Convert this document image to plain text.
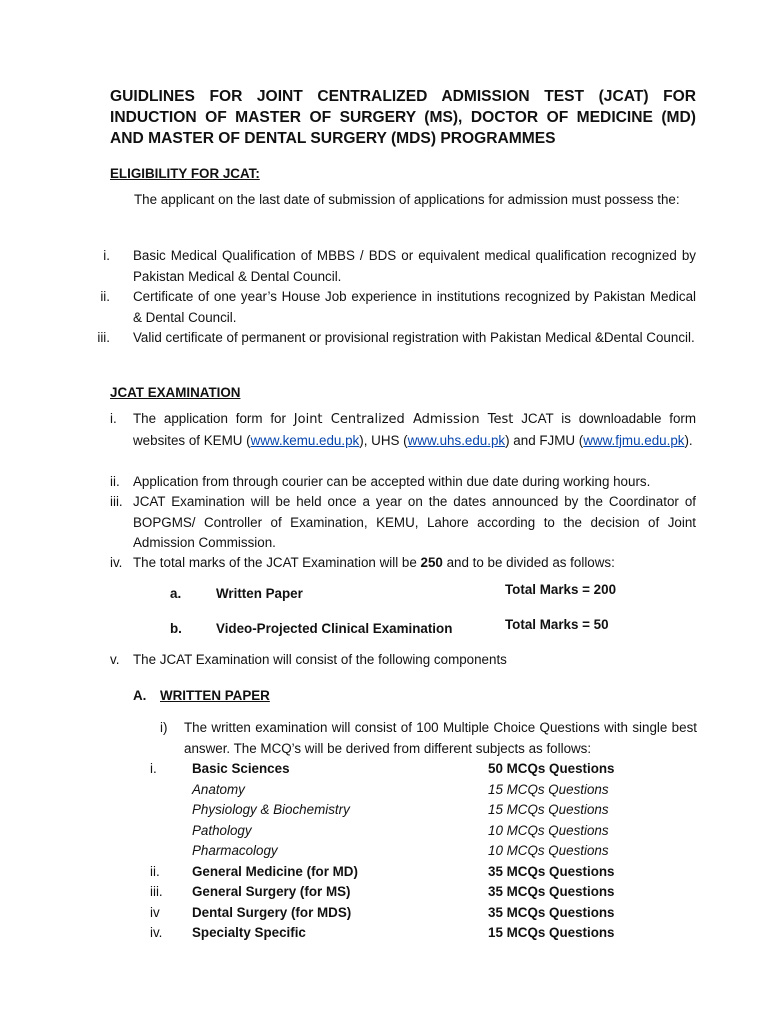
GUIDLINES FOR JOINT CENTRALIZED ADMISSION TEST (JCAT) FOR INDUCTION OF MASTER OF SURGERY (MS), DOCTOR OF MEDICINE (MD) AND MASTER OF DENTAL SURGERY (MDS) PROGRAMMES
ELIGIBILITY FOR JCAT:
The applicant on the last date of submission of applications for admission must possess the:
i. Basic Medical Qualification of MBBS / BDS or equivalent medical qualification recognized by Pakistan Medical & Dental Council.
ii. Certificate of one year’s House Job experience in institutions recognized by Pakistan Medical & Dental Council.
iii. Valid certificate of permanent or provisional registration with Pakistan Medical &Dental Council.
JCAT EXAMINATION
i. The application form for Joint Centralized Admission Test JCAT is downloadable form websites of KEMU (www.kemu.edu.pk), UHS (www.uhs.edu.pk) and FJMU (www.fjmu.edu.pk).
ii. Application from through courier can be accepted within due date during working hours.
iii. JCAT Examination will be held once a year on the dates announced by the Coordinator of BOPGMS/ Controller of Examination, KEMU, Lahore according to the decision of Joint Admission Commission.
iv. The total marks of the JCAT Examination will be 250 and to be divided as follows:
a.	Written Paper	Total Marks = 200
b.	Video-Projected Clinical Examination	Total Marks = 50
v. The JCAT Examination will consist of the following components
A. WRITTEN PAPER
i) The written examination will consist of 100 Multiple Choice Questions with single best answer. The MCQ’s will be derived from different subjects as follows:
i.	Basic Sciences	50 MCQs Questions
Anatomy	15 MCQs Questions
Physiology & Biochemistry	15 MCQs Questions
Pathology	10 MCQs Questions
Pharmacology	10 MCQs Questions
ii. General Medicine (for MD)	35 MCQs Questions
iii. General Surgery (for MS)	35 MCQs Questions
iv Dental Surgery (for MDS)	35 MCQs Questions
iv. Specialty Specific	15 MCQs Questions
